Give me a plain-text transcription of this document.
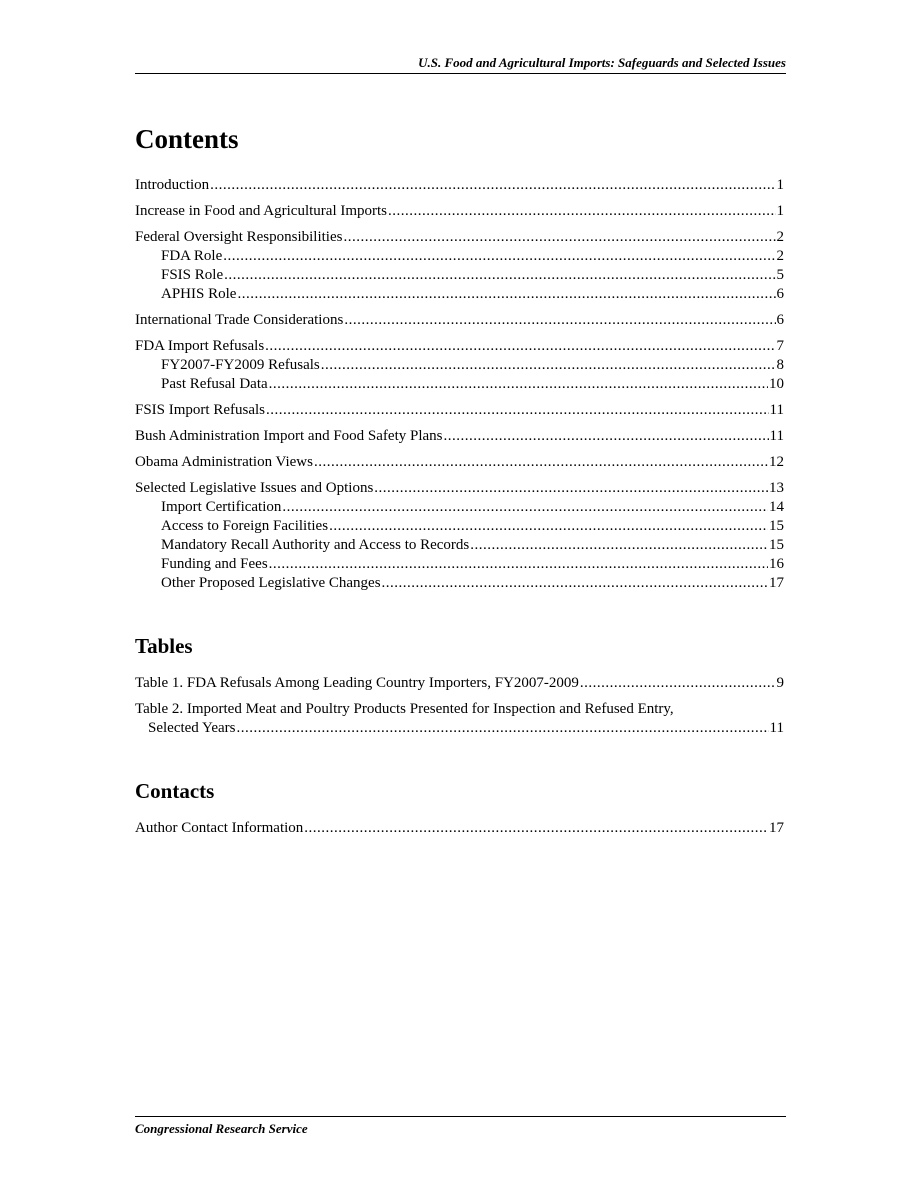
U.S. Food and Agricultural Imports: Safeguards and Selected Issues
Contents
Introduction .....	1
Increase in Food and Agricultural Imports .....	1
Federal Oversight Responsibilities .....	2
FDA Role .....	2
FSIS Role .....	5
APHIS Role .....	6
International Trade Considerations .....	6
FDA Import Refusals .....	7
FY2007-FY2009 Refusals .....	8
Past Refusal Data .....	10
FSIS Import Refusals .....	11
Bush Administration Import and Food Safety Plans .....	11
Obama Administration Views .....	12
Selected Legislative Issues and Options .....	13
Import Certification .....	14
Access to Foreign Facilities .....	15
Mandatory Recall Authority and Access to Records .....	15
Funding and Fees .....	16
Other Proposed Legislative Changes .....	17
Tables
Table 1. FDA Refusals Among Leading Country Importers, FY2007-2009 .....	9
Table 2. Imported Meat and Poultry Products Presented for Inspection and Refused Entry,
Selected Years .....	11
Contacts
Author Contact Information .....	17
Congressional Research Service
